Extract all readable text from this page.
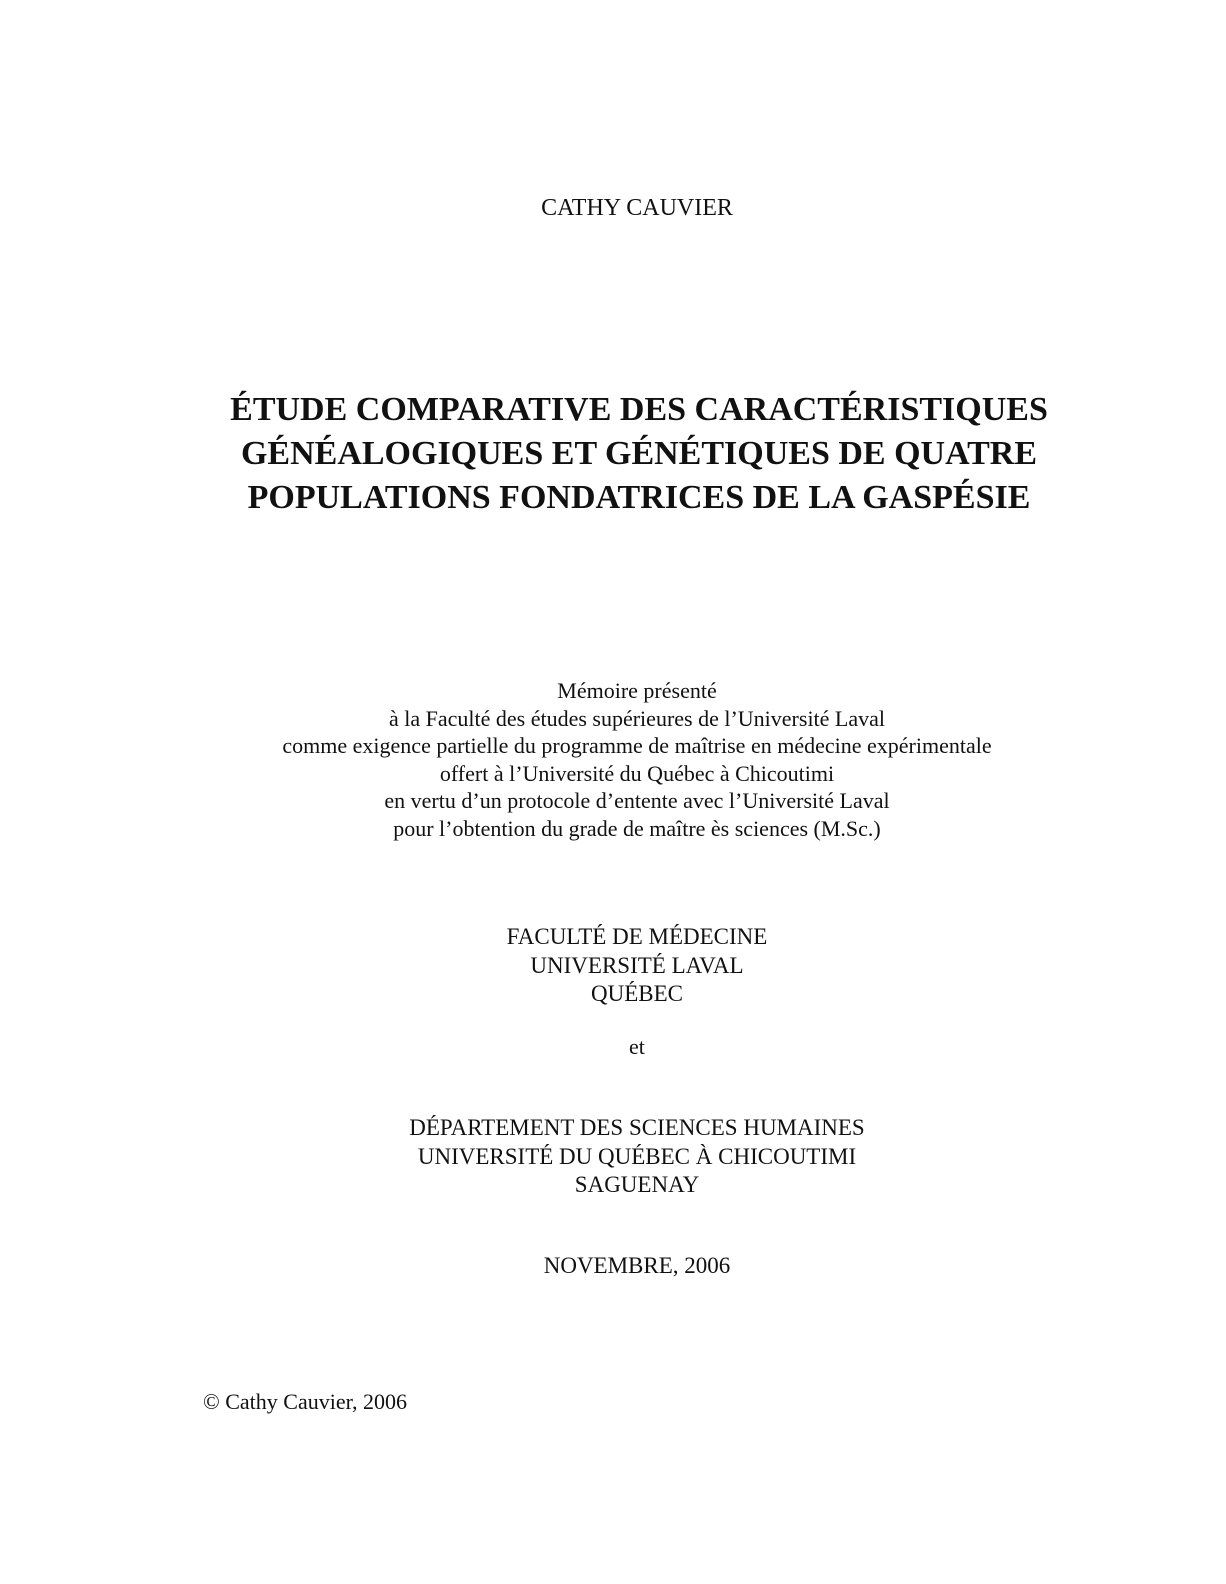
CATHY CAUVIER
ÉTUDE COMPARATIVE DES CARACTÉRISTIQUES
GÉNÉALOGIQUES ET GÉNÉTIQUES DE QUATRE
POPULATIONS FONDATRICES DE LA GASPÉSIE
Mémoire présenté
à la Faculté des études supérieures de l’Université Laval
comme exigence partielle du programme de maîtrise en médecine expérimentale
offert à l’Université du Québec à Chicoutimi
en vertu d’un protocole d’entente avec l’Université Laval
pour l’obtention du grade de maître ès sciences (M.Sc.)
FACULTÉ DE MÉDECINE
UNIVERSITÉ LAVAL
QUÉBEC
et
DÉPARTEMENT DES SCIENCES HUMAINES
UNIVERSITÉ DU QUÉBEC À CHICOUTIMI
SAGUENAY
NOVEMBRE, 2006
© Cathy Cauvier, 2006
